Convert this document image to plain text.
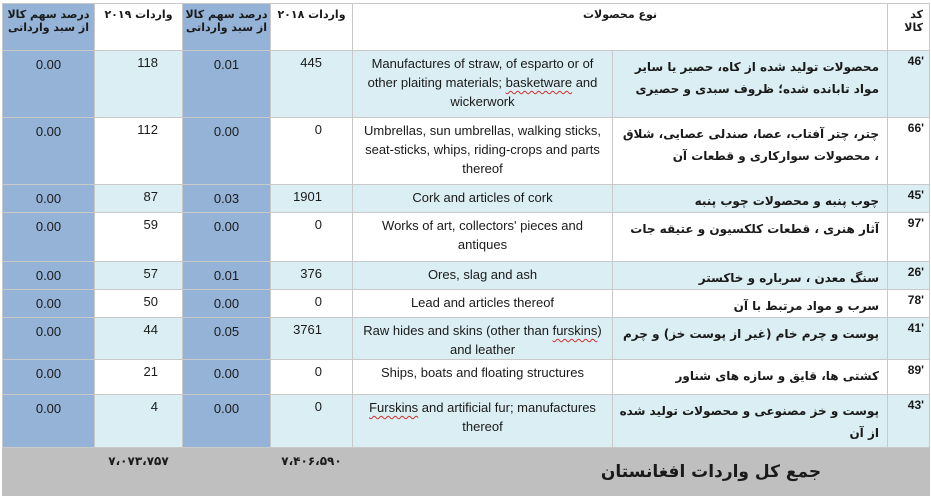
درصد سهم کالا از سبد وارداتی	واردات ۲۰۱۹	درصد سهم کالا از سبد وارداتی	واردات ۲۰۱۸	نوع محصولات		کد کالا
0.00	118	0.01	445	Manufactures of straw, of esparto or of other plaiting materials; basketware and wickerwork	محصولات تولید شده از کاه، حصیر یا سایر مواد تابانده شده؛ ظروف سبدی و حصیری	46'
0.00	112	0.00	0	Umbrellas, sun umbrellas, walking sticks, seat-sticks, whips, riding-crops and parts thereof	چتر، چتر آفتاب، عصا، صندلی عصایی، شلاق ، محصولات سوارکاری و قطعات آن	66'
0.00	87	0.03	1901	Cork and articles of cork	چوب پنبه و محصولات چوب پنبه	45'
0.00	59	0.00	0	Works of art, collectors' pieces and antiques	آثار هنری ، قطعات کلکسیون و عتیقه جات	97'
0.00	57	0.01	376	Ores, slag and ash	سنگ معدن ، سرباره و خاکستر	26'
0.00	50	0.00	0	Lead and articles thereof	سرب و مواد مرتبط با آن	78'
0.00	44	0.05	3761	Raw hides and skins (other than furskins) and leather	پوست و چرم خام (غیر از پوست خز) و چرم	41'
0.00	21	0.00	0	Ships, boats and floating structures	کشتی ها، قایق و سازه های شناور	89'
0.00	4	0.00	0	Furskins and artificial fur; manufactures thereof	پوست و خز مصنوعی و محصولات تولید شده از آن	43'
	۷،۰۷۳،۷۵۷		۷،۴۰۶،۵۹۰	جمع کل واردات افغانستان		
